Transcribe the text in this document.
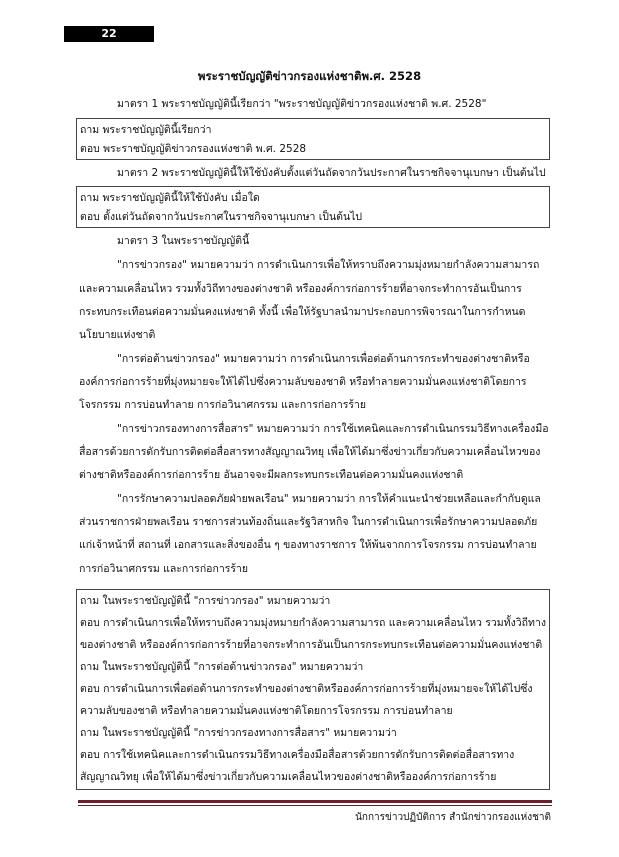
22
พระราชบัญญัติข่าวกรองแห่งชาติพ.ศ. 2528
มาตรา 1 พระราชบัญญัตินี้เรียกว่า "พระราชบัญญัติข่าวกรองแห่งชาติ พ.ศ. 2528"
ถาม พระราชบัญญัตินี้เรียกว่า
ตอบ พระราชบัญญัติข่าวกรองแห่งชาติ พ.ศ. 2528
มาตรา 2 พระราชบัญญัตินี้ให้ใช้บังคับตั้งแต่วันถัดจากวันประกาศในราชกิจจานุเบกษา เป็นต้นไป
ถาม พระราชบัญญัตินี้ให้ใช้บังคับ เมื่อใด
ตอบ ตั้งแต่วันถัดจากวันประกาศในราชกิจจานุเบกษา เป็นต้นไป
มาตรา 3 ในพระราชบัญญัตินี้
"การข่าวกรอง" หมายความว่า การดำเนินการเพื่อให้ทราบถึงความมุ่งหมายกำลังความสามารถ
และความเคลื่อนไหว รวมทั้งวิถีทางของต่างชาติ หรือองค์การก่อการร้ายที่อาจกระทำการอันเป็นการ
กระทบกระเทือนต่อความมั่นคงแห่งชาติ ทั้งนี้ เพื่อให้รัฐบาลนำมาประกอบการพิจารณาในการกำหนด
นโยบายแห่งชาติ
"การต่อต้านข่าวกรอง" หมายความว่า การดำเนินการเพื่อต่อต้านการกระทำของต่างชาติหรือ
องค์การก่อการร้ายที่มุ่งหมายจะให้ได้ไปซึ่งความลับของชาติ หรือทำลายความมั่นคงแห่งชาติโดยการ
โจรกรรม การบ่อนทำลาย การก่อวินาศกรรม และการก่อการร้าย
"การข่าวกรองทางการสื่อสาร" หมายความว่า การใช้เทคนิคและการดำเนินกรรมวิธีทางเครื่องมือ
สื่อสารด้วยการดักรับการติดต่อสื่อสารทางสัญญาณวิทยุ เพื่อให้ได้มาซึ่งข่าวเกี่ยวกับความเคลื่อนไหวของ
ต่างชาติหรือองค์การก่อการร้าย อันอาจจะมีผลกระทบกระเทือนต่อความมั่นคงแห่งชาติ
"การรักษาความปลอดภัยฝ่ายพลเรือน" หมายความว่า การให้คำแนะนำช่วยเหลือและกำกับดูแล
ส่วนราชการฝ่ายพลเรือน ราชการส่วนท้องถิ่นและรัฐวิสาหกิจ ในการดำเนินการเพื่อรักษาความปลอดภัย
แก่เจ้าหน้าที่ สถานที่ เอกสารและสิ่งของอื่น ๆ ของทางราชการ ให้พ้นจากการโจรกรรม การบ่อนทำลาย
การก่อวินาศกรรม และการก่อการร้าย
ถาม ในพระราชบัญญัตินี้ "การข่าวกรอง" หมายความว่า
ตอบ การดำเนินการเพื่อให้ทราบถึงความมุ่งหมายกำลังความสามารถ และความเคลื่อนไหว รวมทั้งวิถีทาง
ของต่างชาติ หรือองค์การก่อการร้ายที่อาจกระทำการอันเป็นการกระทบกระเทือนต่อความมั่นคงแห่งชาติ
ถาม ในพระราชบัญญัตินี้ "การต่อต้านข่าวกรอง" หมายความว่า
ตอบ การดำเนินการเพื่อต่อต้านการกระทำของต่างชาติหรือองค์การก่อการร้ายที่มุ่งหมายจะให้ได้ไปซึ่ง
ความลับของชาติ หรือทำลายความมั่นคงแห่งชาติโดยการโจรกรรม การบ่อนทำลาย
ถาม ในพระราชบัญญัตินี้ "การข่าวกรองทางการสื่อสาร" หมายความว่า
ตอบ การใช้เทคนิคและการดำเนินกรรมวิธีทางเครื่องมือสื่อสารด้วยการดักรับการติดต่อสื่อสารทาง
สัญญาณวิทยุ เพื่อให้ได้มาซึ่งข่าวเกี่ยวกับความเคลื่อนไหวของต่างชาติหรือองค์การก่อการร้าย
นักการข่าวปฏิบัติการ สำนักข่าวกรองแห่งชาติ
